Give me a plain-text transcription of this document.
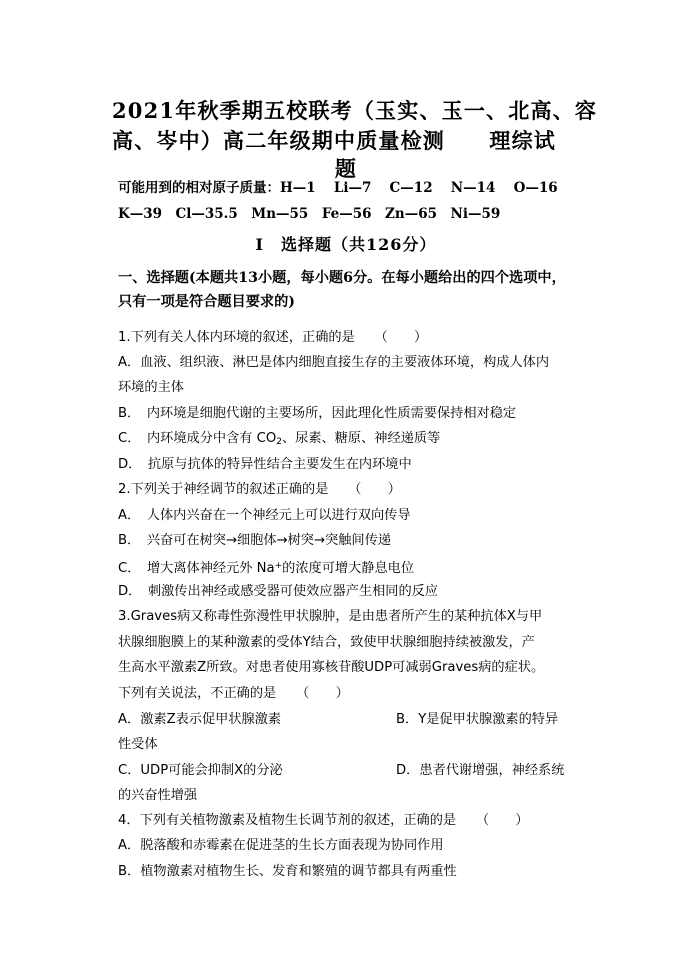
2021年秋季期五校联考（玉实、玉一、北高、容
高、岑中）高二年级期中质量检测　　理综试
题
可能用到的相对原子质量：H—1　 Li—7　 C—12　 N—14　 O—16
K—39　Cl—35.5　Mn—55　Fe—56　Zn—65　Ni—59
Ⅰ　选择题（共126分）
一、选择题(本题共13小题，每小题6分。在每小题给出的四个选项中，
只有一项是符合题目要求的)
1.下列有关人体内环境的叙述，正确的是　　（　　）
A．血液、组织液、淋巴是体内细胞直接生存的主要液体环境，构成人体内
环境的主体
B．　内环境是细胞代谢的主要场所，因此理化性质需要保持相对稳定
C．　内环境成分中含有 $CO_2$、尿素、糖原、神经递质等
D．　抗原与抗体的特异性结合主要发生在内环境中
2.下列关于神经调节的叙述正确的是　　（　　）
A．　人体内兴奋在一个神经元上可以进行双向传导
B．　兴奋可在树突→细胞体→树突→突触间传递
C．　增大离体神经元外 Na+的浓度可增大静息电位
D．　刺激传出神经或感受器可使效应器产生相同的反应
3.Graves病又称毒性弥漫性甲状腺肿，是由患者所产生的某种抗体X与甲
状腺细胞膜上的某种激素的受体Y结合，致使甲状腺细胞持续被激发，产
生高水平激素Z所致。对患者使用寡核苷酸UDP可减弱Graves病的症状。
下列有关说法，不正确的是　　（　　）
A．激素Z表示促甲状腺激素	B．Y是促甲状腺激素的特异
性受体
C．UDP可能会抑制X的分泌	D．患者代谢增强，神经系统
的兴奋性增强
4．下列有关植物激素及植物生长调节剂的叙述，正确的是　　（　　）
A．脱落酸和赤霉素在促进茎的生长方面表现为协同作用
B．植物激素对植物生长、发育和繁殖的调节都具有两重性
